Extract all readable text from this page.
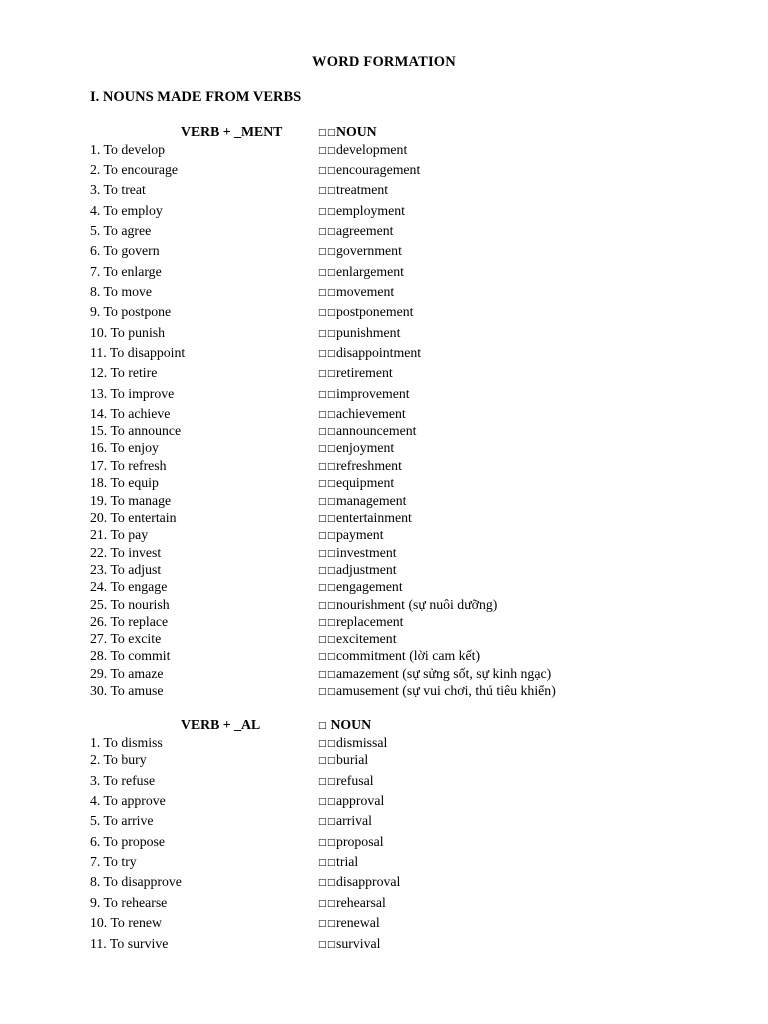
WORD FORMATION
I. NOUNS MADE FROM VERBS
VERB + _MENT	□□NOUN
1. To develop	□□development
2. To encourage	□□encouragement
3. To treat	□□treatment
4. To employ	□□employment
5. To agree	□□agreement
6. To govern	□□government
7. To enlarge	□□enlargement
8. To move	□□movement
9. To postpone	□□postponement
10. To punish	□□punishment
11. To disappoint	□□disappointment
12. To retire	□□retirement
13. To improve	□□improvement
14. To achieve	□□achievement
15. To announce	□□announcement
16. To enjoy	□□enjoyment
17. To refresh	□□refreshment
18. To equip	□□equipment
19. To manage	□□management
20. To entertain	□□entertainment
21. To pay	□□payment
22. To invest	□□investment
23. To adjust	□□adjustment
24. To engage	□□engagement
25. To nourish	□□nourishment (sự nuôi dưỡng)
26. To replace	□□replacement
27. To excite	□□excitement
28. To commit	□□commitment (lời cam kết)
29. To amaze	□□amazement (sự sửng sốt, sự kinh ngạc)
30. To amuse	□□amusement (sự vui chơi, thú tiêu khiển)
VERB + _AL	□ NOUN
1. To dismiss	□□dismissal
2. To bury	□□burial
3. To refuse	□□refusal
4. To approve	□□approval
5. To arrive	□□arrival
6. To propose	□□proposal
7. To try	□□trial
8. To disapprove	□□disapproval
9. To rehearse	□□rehearsal
10. To renew	□□renewal
11. To survive	□□survival
